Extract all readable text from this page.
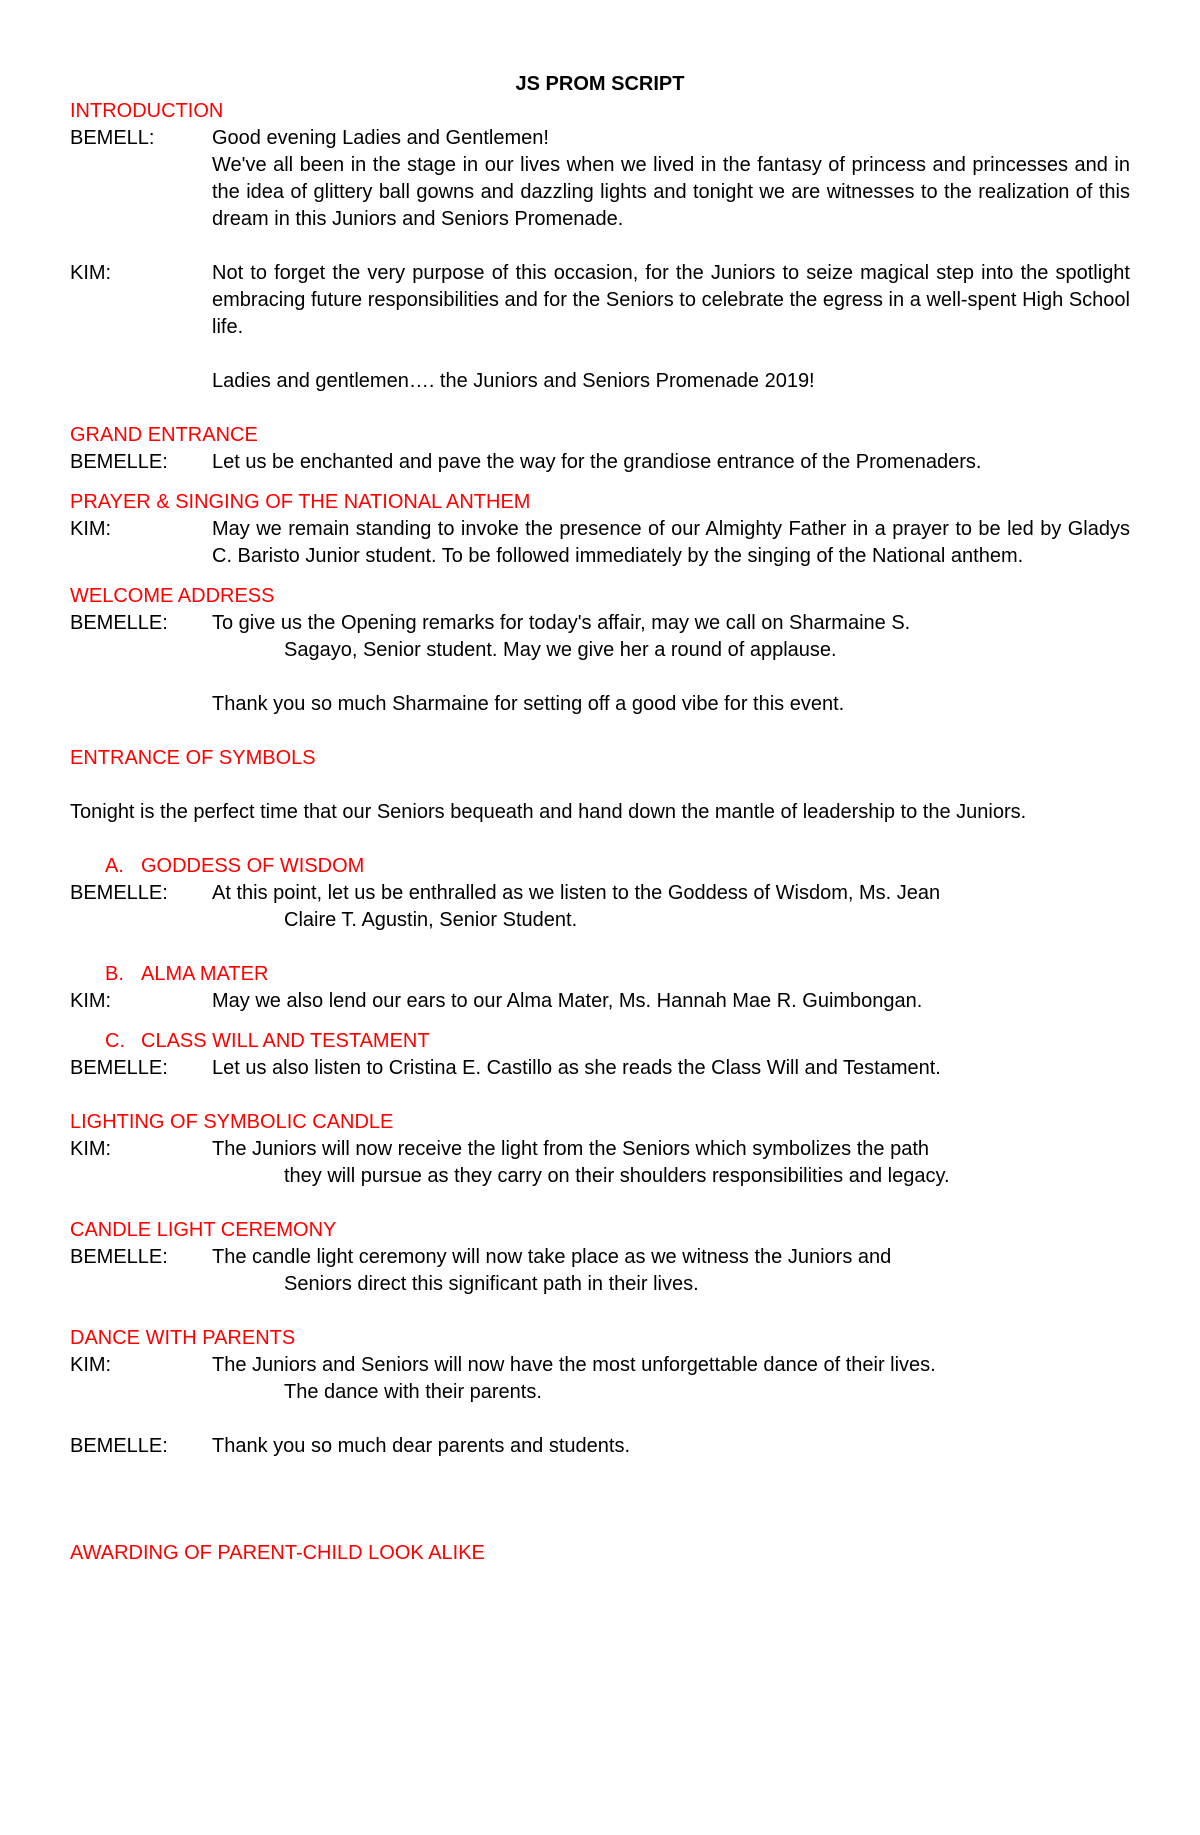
JS PROM SCRIPT
INTRODUCTION
BEMELL:	Good evening Ladies and Gentlemen!

We've all been in the stage in our lives when we lived in the fantasy of princess and princesses and in the idea of glittery ball gowns and dazzling lights and tonight we are witnesses to the realization of this dream in this Juniors and Seniors Promenade.

KIM:	Not to forget the very purpose of this occasion, for the Juniors to seize magical step into the spotlight embracing future responsibilities and for the Seniors to celebrate the egress in a well-spent High School life.

Ladies and gentlemen…. the Juniors and Seniors Promenade 2019!

GRAND ENTRANCE
BEMELLE:	Let us be enchanted and pave the way for the grandiose entrance of the Promenaders.

PRAYER & SINGING OF THE NATIONAL ANTHEM
KIM:	May we remain standing to invoke the presence of our Almighty Father in a prayer to be led by Gladys C. Baristo Junior student. To be followed immediately by the singing of the National anthem.

WELCOME ADDRESS
BEMELLE:	To give us the Opening remarks for today's affair, may we call on Sharmaine S.

Sagayo, Senior student. May we give her a round of applause.

Thank you so much Sharmaine for setting off a good vibe for this event.

ENTRANCE OF SYMBOLS

Tonight is the perfect time that our Seniors bequeath and hand down the mantle of leadership to the Juniors.

A. GODDESS OF WISDOM
BEMELLE:	At this point, let us be enthralled as we listen to the Goddess of Wisdom, Ms. Jean

Claire T. Agustin, Senior Student.

B. ALMA MATER
KIM:	May we also lend our ears to our Alma Mater, Ms. Hannah Mae R. Guimbongan.

C. CLASS WILL AND TESTAMENT
BEMELLE:	Let us also listen to Cristina E. Castillo as she reads the Class Will and Testament.

LIGHTING OF SYMBOLIC CANDLE
KIM:	The Juniors will now receive the light from the Seniors which symbolizes the path

they will pursue as they carry on their shoulders responsibilities and legacy.

CANDLE LIGHT CEREMONY
BEMELLE:	The candle light ceremony will now take place as we witness the Juniors and

Seniors direct this significant path in their lives.

DANCE WITH PARENTS
KIM:	The Juniors and Seniors will now have the most unforgettable dance of their lives.

The dance with their parents.

BEMELLE:	Thank you so much dear parents and students.

AWARDING OF PARENT-CHILD LOOK ALIKE
